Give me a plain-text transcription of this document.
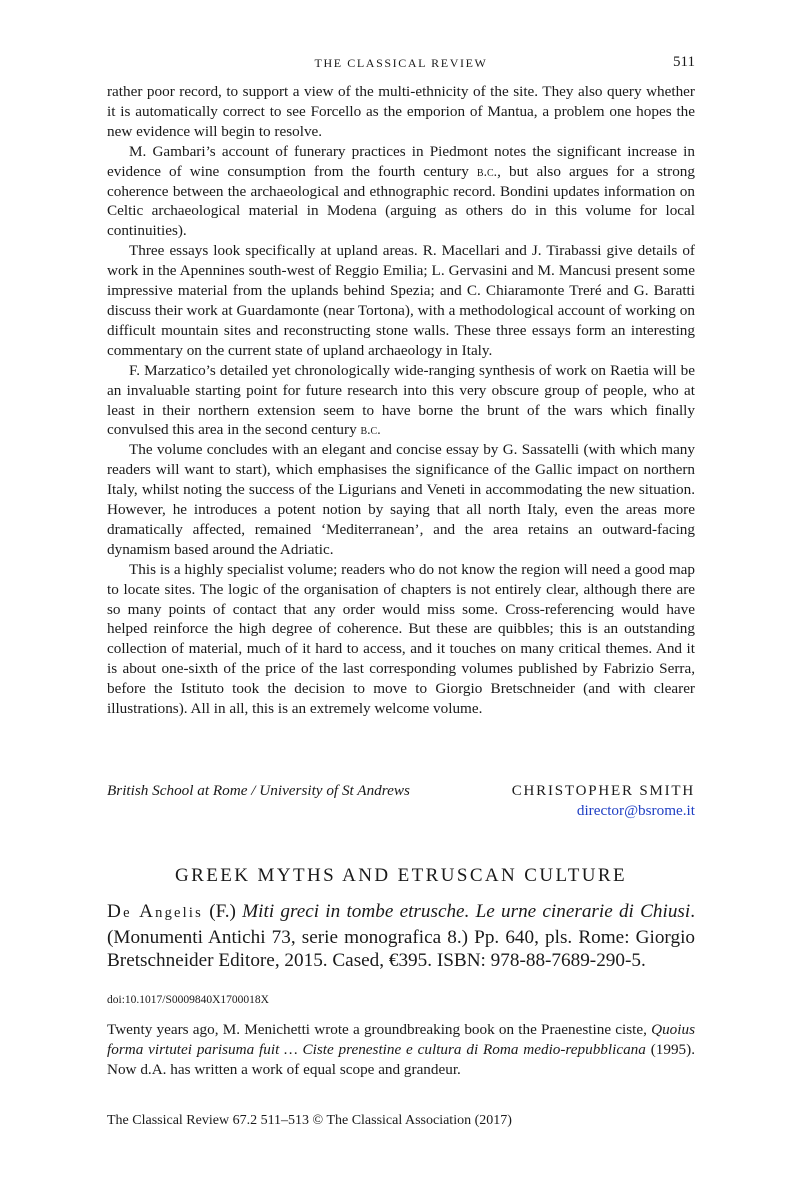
THE CLASSICAL REVIEW	511

rather poor record, to support a view of the multi-ethnicity of the site. They also query whether it is automatically correct to see Forcello as the emporion of Mantua, a problem one hopes the new evidence will begin to resolve.

M. Gambari’s account of funerary practices in Piedmont notes the significant increase in evidence of wine consumption from the fourth century b.c., but also argues for a strong coherence between the archaeological and ethnographic record. Bondini updates information on Celtic archaeological material in Modena (arguing as others do in this volume for local continuities).

Three essays look specifically at upland areas. R. Macellari and J. Tirabassi give details of work in the Apennines south-west of Reggio Emilia; L. Gervasini and M. Mancusi present some impressive material from the uplands behind Spezia; and C. Chiaramonte Treré and G. Baratti discuss their work at Guardamonte (near Tortona), with a methodological account of working on difficult mountain sites and reconstructing stone walls. These three essays form an interesting commentary on the current state of upland archaeology in Italy.

F. Marzatico’s detailed yet chronologically wide-ranging synthesis of work on Raetia will be an invaluable starting point for future research into this very obscure group of people, who at least in their northern extension seem to have borne the brunt of the wars which finally convulsed this area in the second century b.c.

The volume concludes with an elegant and concise essay by G. Sassatelli (with which many readers will want to start), which emphasises the significance of the Gallic impact on northern Italy, whilst noting the success of the Ligurians and Veneti in accommodating the new situation. However, he introduces a potent notion by saying that all north Italy, even the areas more dramatically affected, remained ‘Mediterranean’, and the area retains an outward-facing dynamism based around the Adriatic.

This is a highly specialist volume; readers who do not know the region will need a good map to locate sites. The logic of the organisation of chapters is not entirely clear, although there are so many points of contact that any order would miss some. Cross-referencing would have helped reinforce the high degree of coherence. But these are quibbles; this is an outstanding collection of material, much of it hard to access, and it touches on many critical themes. And it is about one-sixth of the price of the last corresponding volumes published by Fabrizio Serra, before the Istituto took the decision to move to Giorgio Bretschneider (and with clearer illustrations). All in all, this is an extremely welcome volume.

British School at Rome / University of St Andrews	CHRISTOPHER SMITH
director@bsrome.it
GREEK MYTHS AND ETRUSCAN CULTURE
De Angelis (F.) Miti greci in tombe etrusche. Le urne cinerarie di Chiusi. (Monumenti Antichi 73, serie monografica 8.) Pp. 640, pls. Rome: Giorgio Bretschneider Editore, 2015. Cased, €395. ISBN: 978-88-7689-290-5.
doi:10.1017/S0009840X1700018X

Twenty years ago, M. Menichetti wrote a groundbreaking book on the Praenestine ciste, Quoius forma virtutei parisuma fuit … Ciste prenestine e cultura di Roma medio-repubblicana (1995). Now d.A. has written a work of equal scope and grandeur.

The Classical Review 67.2 511–513 © The Classical Association (2017)
